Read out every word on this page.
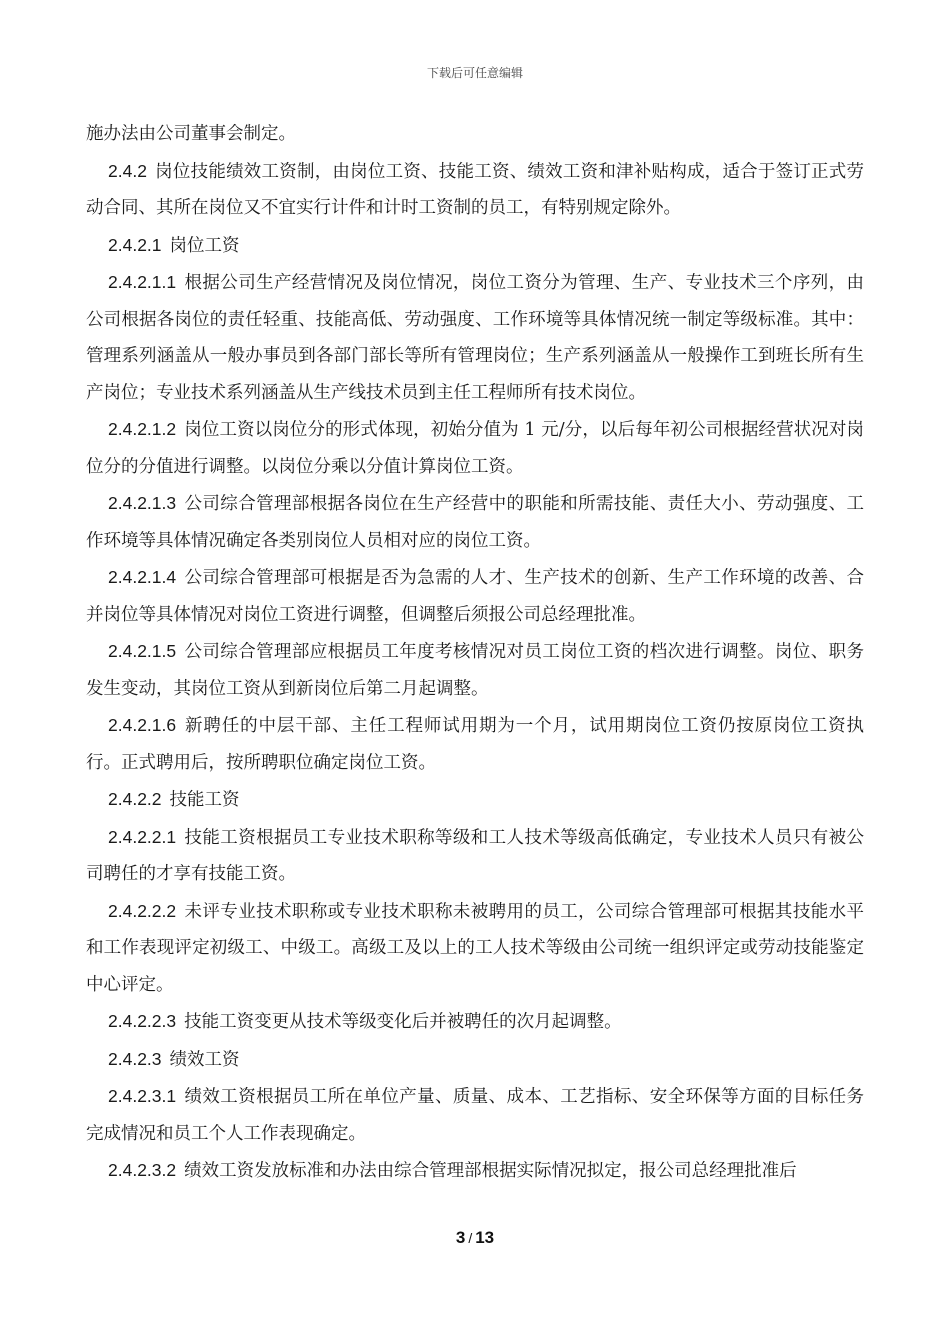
下载后可任意编辑

施办法由公司董事会制定。

2.4.2 岗位技能绩效工资制，由岗位工资、技能工资、绩效工资和津补贴构成，适合于签订正式劳动合同、其所在岗位又不宜实行计件和计时工资制的员工，有特别规定除外。

2.4.2.1 岗位工资

2.4.2.1.1 根据公司生产经营情况及岗位情况，岗位工资分为管理、生产、专业技术三个序列，由公司根据各岗位的责任轻重、技能高低、劳动强度、工作环境等具体情况统一制定等级标准。其中：管理系列涵盖从一般办事员到各部门部长等所有管理岗位；生产系列涵盖从一般操作工到班长所有生产岗位；专业技术系列涵盖从生产线技术员到主任工程师所有技术岗位。

2.4.2.1.2 岗位工资以岗位分的形式体现，初始分值为 1 元/分，以后每年初公司根据经营状况对岗位分的分值进行调整。以岗位分乘以分值计算岗位工资。

2.4.2.1.3 公司综合管理部根据各岗位在生产经营中的职能和所需技能、责任大小、劳动强度、工作环境等具体情况确定各类别岗位人员相对应的岗位工资。

2.4.2.1.4 公司综合管理部可根据是否为急需的人才、生产技术的创新、生产工作环境的改善、合并岗位等具体情况对岗位工资进行调整，但调整后须报公司总经理批准。

2.4.2.1.5 公司综合管理部应根据员工年度考核情况对员工岗位工资的档次进行调整。岗位、职务发生变动，其岗位工资从到新岗位后第二月起调整。

2.4.2.1.6 新聘任的中层干部、主任工程师试用期为一个月，试用期岗位工资仍按原岗位工资执行。正式聘用后，按所聘职位确定岗位工资。

2.4.2.2 技能工资

2.4.2.2.1 技能工资根据员工专业技术职称等级和工人技术等级高低确定，专业技术人员只有被公司聘任的才享有技能工资。

2.4.2.2.2 未评专业技术职称或专业技术职称未被聘用的员工，公司综合管理部可根据其技能水平和工作表现评定初级工、中级工。高级工及以上的工人技术等级由公司统一组织评定或劳动技能鉴定中心评定。

2.4.2.2.3 技能工资变更从技术等级变化后并被聘任的次月起调整。

2.4.2.3 绩效工资

2.4.2.3.1 绩效工资根据员工所在单位产量、质量、成本、工艺指标、安全环保等方面的目标任务完成情况和员工个人工作表现确定。

2.4.2.3.2 绩效工资发放标准和办法由综合管理部根据实际情况拟定，报公司总经理批准后

3 / 13
